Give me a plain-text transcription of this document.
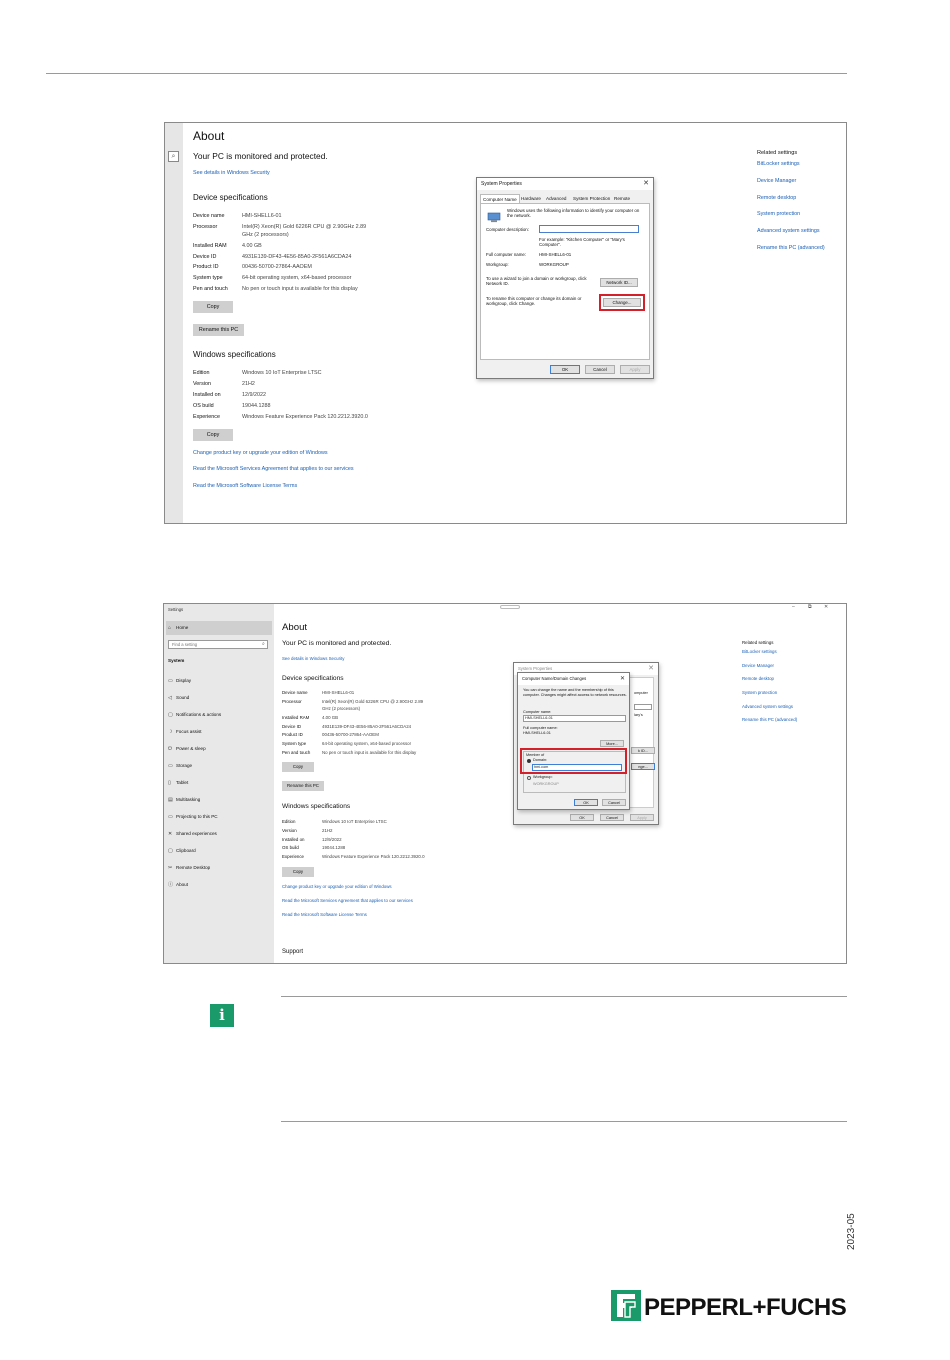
⌕
About
Your PC is monitored and protected.
See details in Windows Security
Device specifications
Device name	HMI-SHELL6-01
Processor	Intel(R) Xeon(R) Gold 6226R CPU @ 2.90GHz 2.89
GHz (2 processors)
Installed RAM	4.00 GB
Device ID	4931E139-DF43-4E56-85A0-2F561A6CDA24
Product ID	00436-50700-27864-AAOEM
System type	64-bit operating system, x64-based processor
Pen and touch	No pen or touch input is available for this display
Copy
Rename this PC
Windows specifications
Edition	Windows 10 IoT Enterprise LTSC
Version	21H2
Installed on	12/9/2022
OS build	19044.1288
Experience	Windows Feature Experience Pack 120.2212.3920.0
Copy
Change product key or upgrade your edition of Windows
Read the Microsoft Services Agreement that applies to our services
Read the Microsoft Software License Terms
Related settings
BitLocker settings
Device Manager
Remote desktop
System protection
Advanced system settings
Rename this PC (advanced)
System Properties	✕
Computer Name Hardware	Advanced	System Protection Remote
Windows uses the following information to identify your computer on the network.
Computer description:
For example: "Kitchen Computer" or "Mary's Computer".
Full computer name:	HMI-SHELL6-01
Workgroup:	WORKGROUP
To use a wizard to join a domain or workgroup, click Network ID.	Network ID...
To rename this computer or change its domain or workgroup, click Change.	Change...
OK	Cancel	Apply
Settings
⌂ Home
Find a setting	⌕
System
▭ Display
◁ Sound
▢ Notifications & actions
☽ Focus assist
⏻ Power & sleep
▭ Storage
▯ Tablet
▤ Multitasking
▭ Projecting to this PC
✕ Shared experiences
▢ Clipboard
✂ Remote Desktop
ⓘ About
–	⧉ ✕
About
Your PC is monitored and protected.
See details in Windows Security
Device specifications
Device name	HMI-SHELL6-01
Processor	Intel(R) Xeon(R) Gold 6226R CPU @ 2.90GHz 2.89
GHz (2 processors)
Installed RAM	4.00 GB
Device ID	4931E139-DF43-4E56-85A0-2F561A6CDA24
Product ID	00436-50700-27864-AAOEM
System type	64-bit operating system, x64-based processor
Pen and touch	No pen or touch input is available for this display
Copy
Rename this PC
Windows specifications
Edition	Windows 10 IoT Enterprise LTSC
Version	21H2
Installed on	12/9/2022
OS build	19044.1288
Experience	Windows Feature Experience Pack 120.2212.3920.0
Copy
Change product key or upgrade your edition of Windows
Read the Microsoft Services Agreement that applies to our services
Read the Microsoft Software License Terms
Support
Related settings
BitLocker settings
Device Manager
Remote desktop
System protection
Advanced system settings
Rename this PC (advanced)
System Properties	✕
omputer
lary's
k ID...
nge...
OK	Cancel	Apply
Computer Name/Domain Changes	✕
You can change the name and the membership of this computer. Changes might affect access to network resources.
Computer name:
HMI-SHELL6-01
Full computer name:
HMI-SHELL6-01
More...
Member of
Domain:
hmi.com
Workgroup:
WORKGROUP
OK	Cancel
i
2023-05
PEPPERL+FUCHS
